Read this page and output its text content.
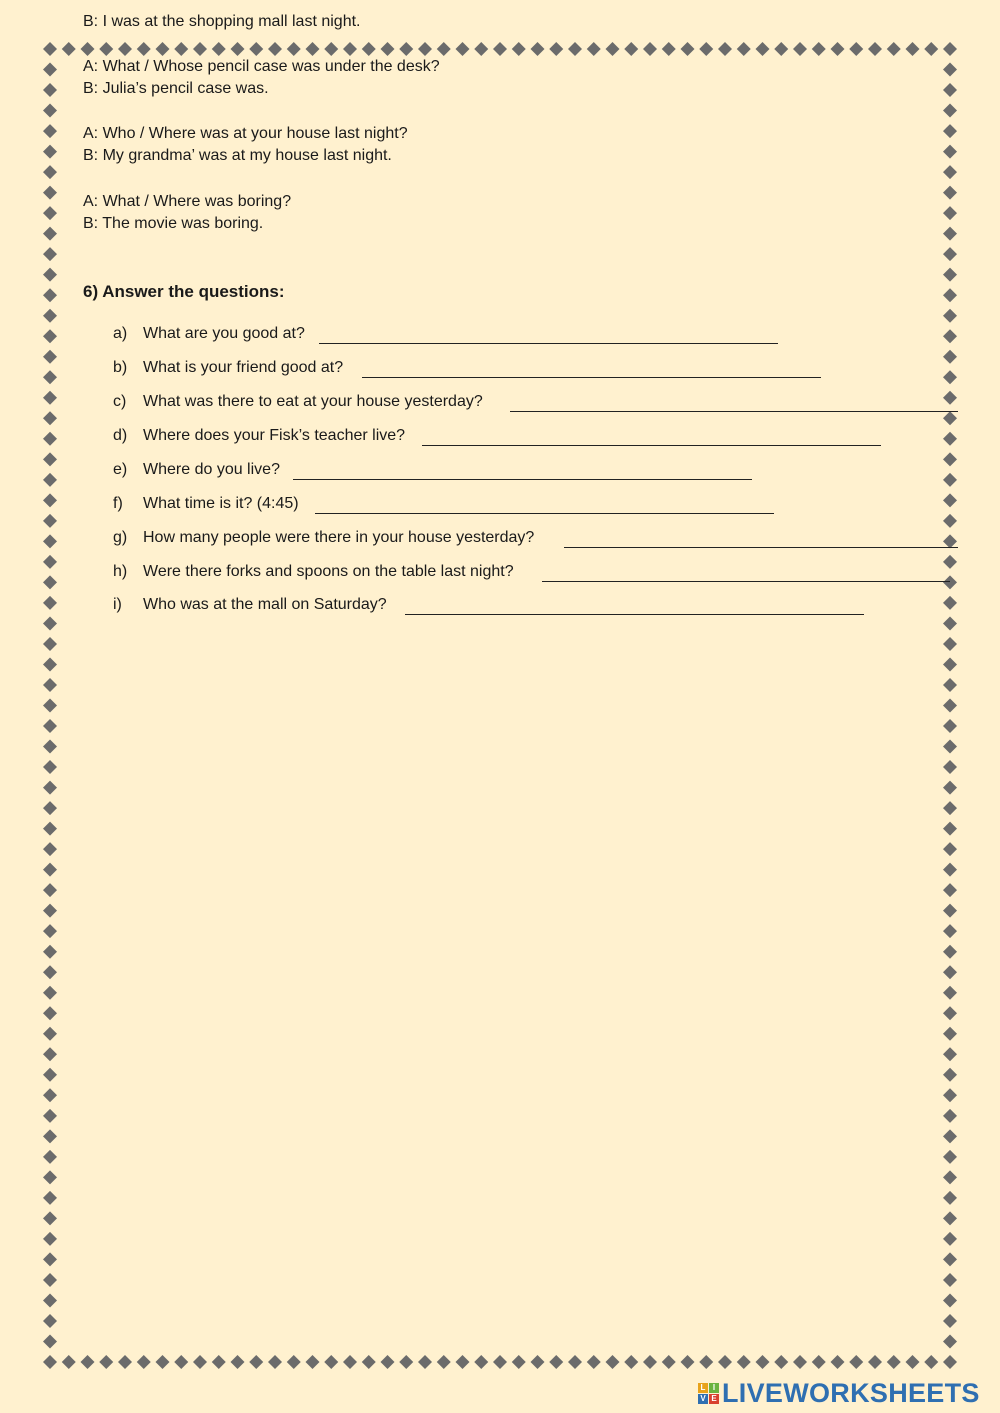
B: I was at the shopping mall last night.
A: What / Whose pencil case was under the desk?
B: Julia’s pencil case was.
A: Who / Where was at your house last night?
B: My grandma’ was at my house last night.
A: What / Where was boring?
B: The movie was boring.
6) Answer the questions:
a) What are you good at?
b) What is your friend good at?
c) What was there to eat at your house yesterday?
d) Where does your Fisk’s teacher live?
e) Where do you live?
f) What time is it? (4:45)
g) How many people were there in your house yesterday?
h) Were there forks and spoons on the table last night?
i) Who was at the mall on Saturday?
L I
V E LIVEWORKSHEETS
